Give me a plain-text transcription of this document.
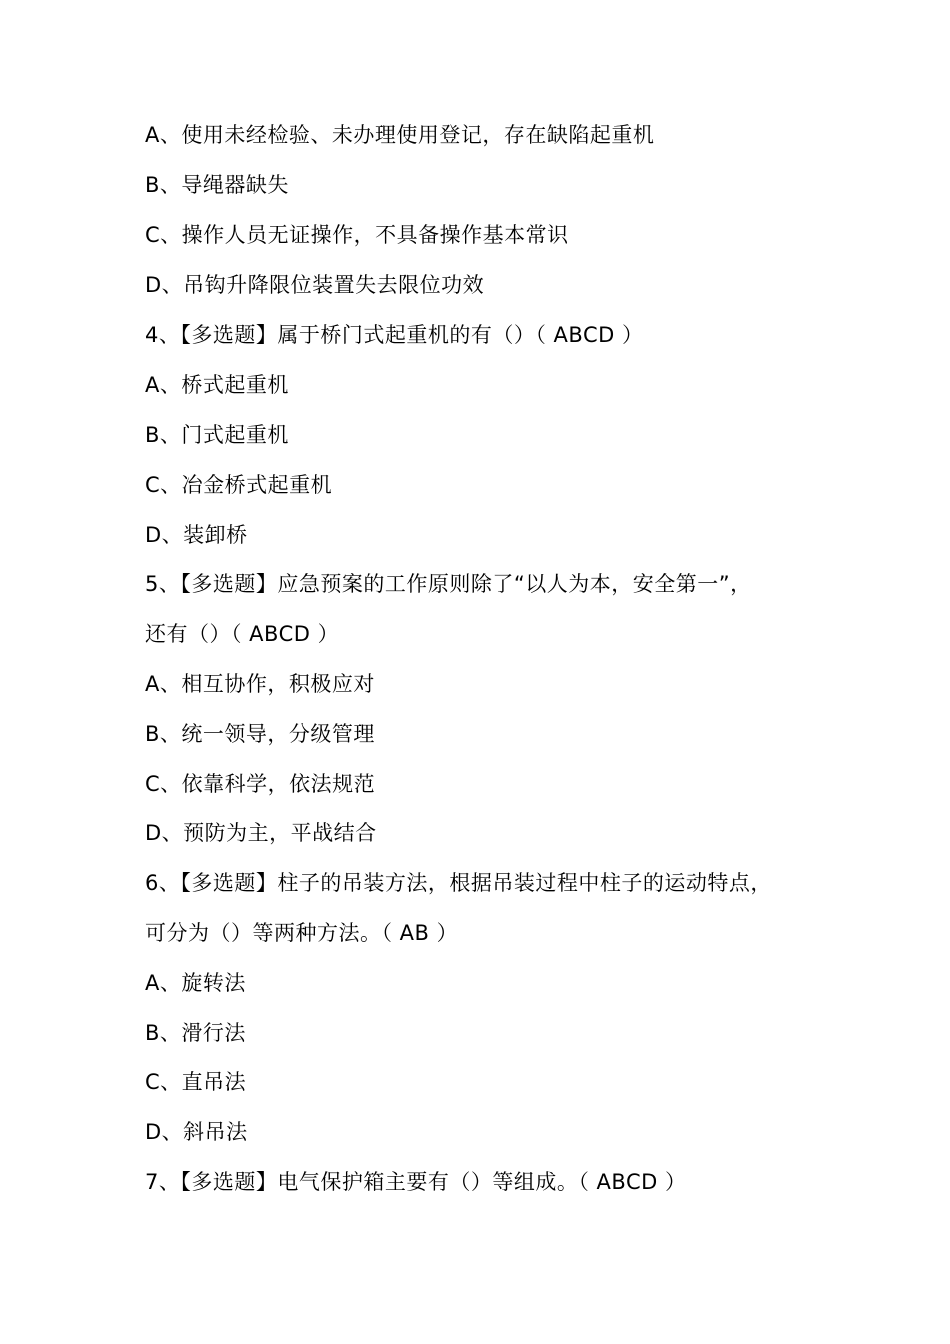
A、使用未经检验、未办理使用登记，存在缺陷起重机
B、导绳器缺失
C、操作人员无证操作，不具备操作基本常识
D、吊钩升降限位装置失去限位功效
4、【多选题】属于桥门式起重机的有（）（ ABCD ）
A、桥式起重机
B、门式起重机
C、冶金桥式起重机
D、装卸桥
5、【多选题】应急预案的工作原则除了“以人为本，安全第一”，
还有（）（ ABCD ）
A、相互协作，积极应对
B、统一领导，分级管理
C、依靠科学，依法规范
D、预防为主，平战结合
6、【多选题】柱子的吊装方法，根据吊装过程中柱子的运动特点，
可分为（）等两种方法。（ AB ）
A、旋转法
B、滑行法
C、直吊法
D、斜吊法
7、【多选题】电气保护箱主要有（）等组成。（ ABCD ）
